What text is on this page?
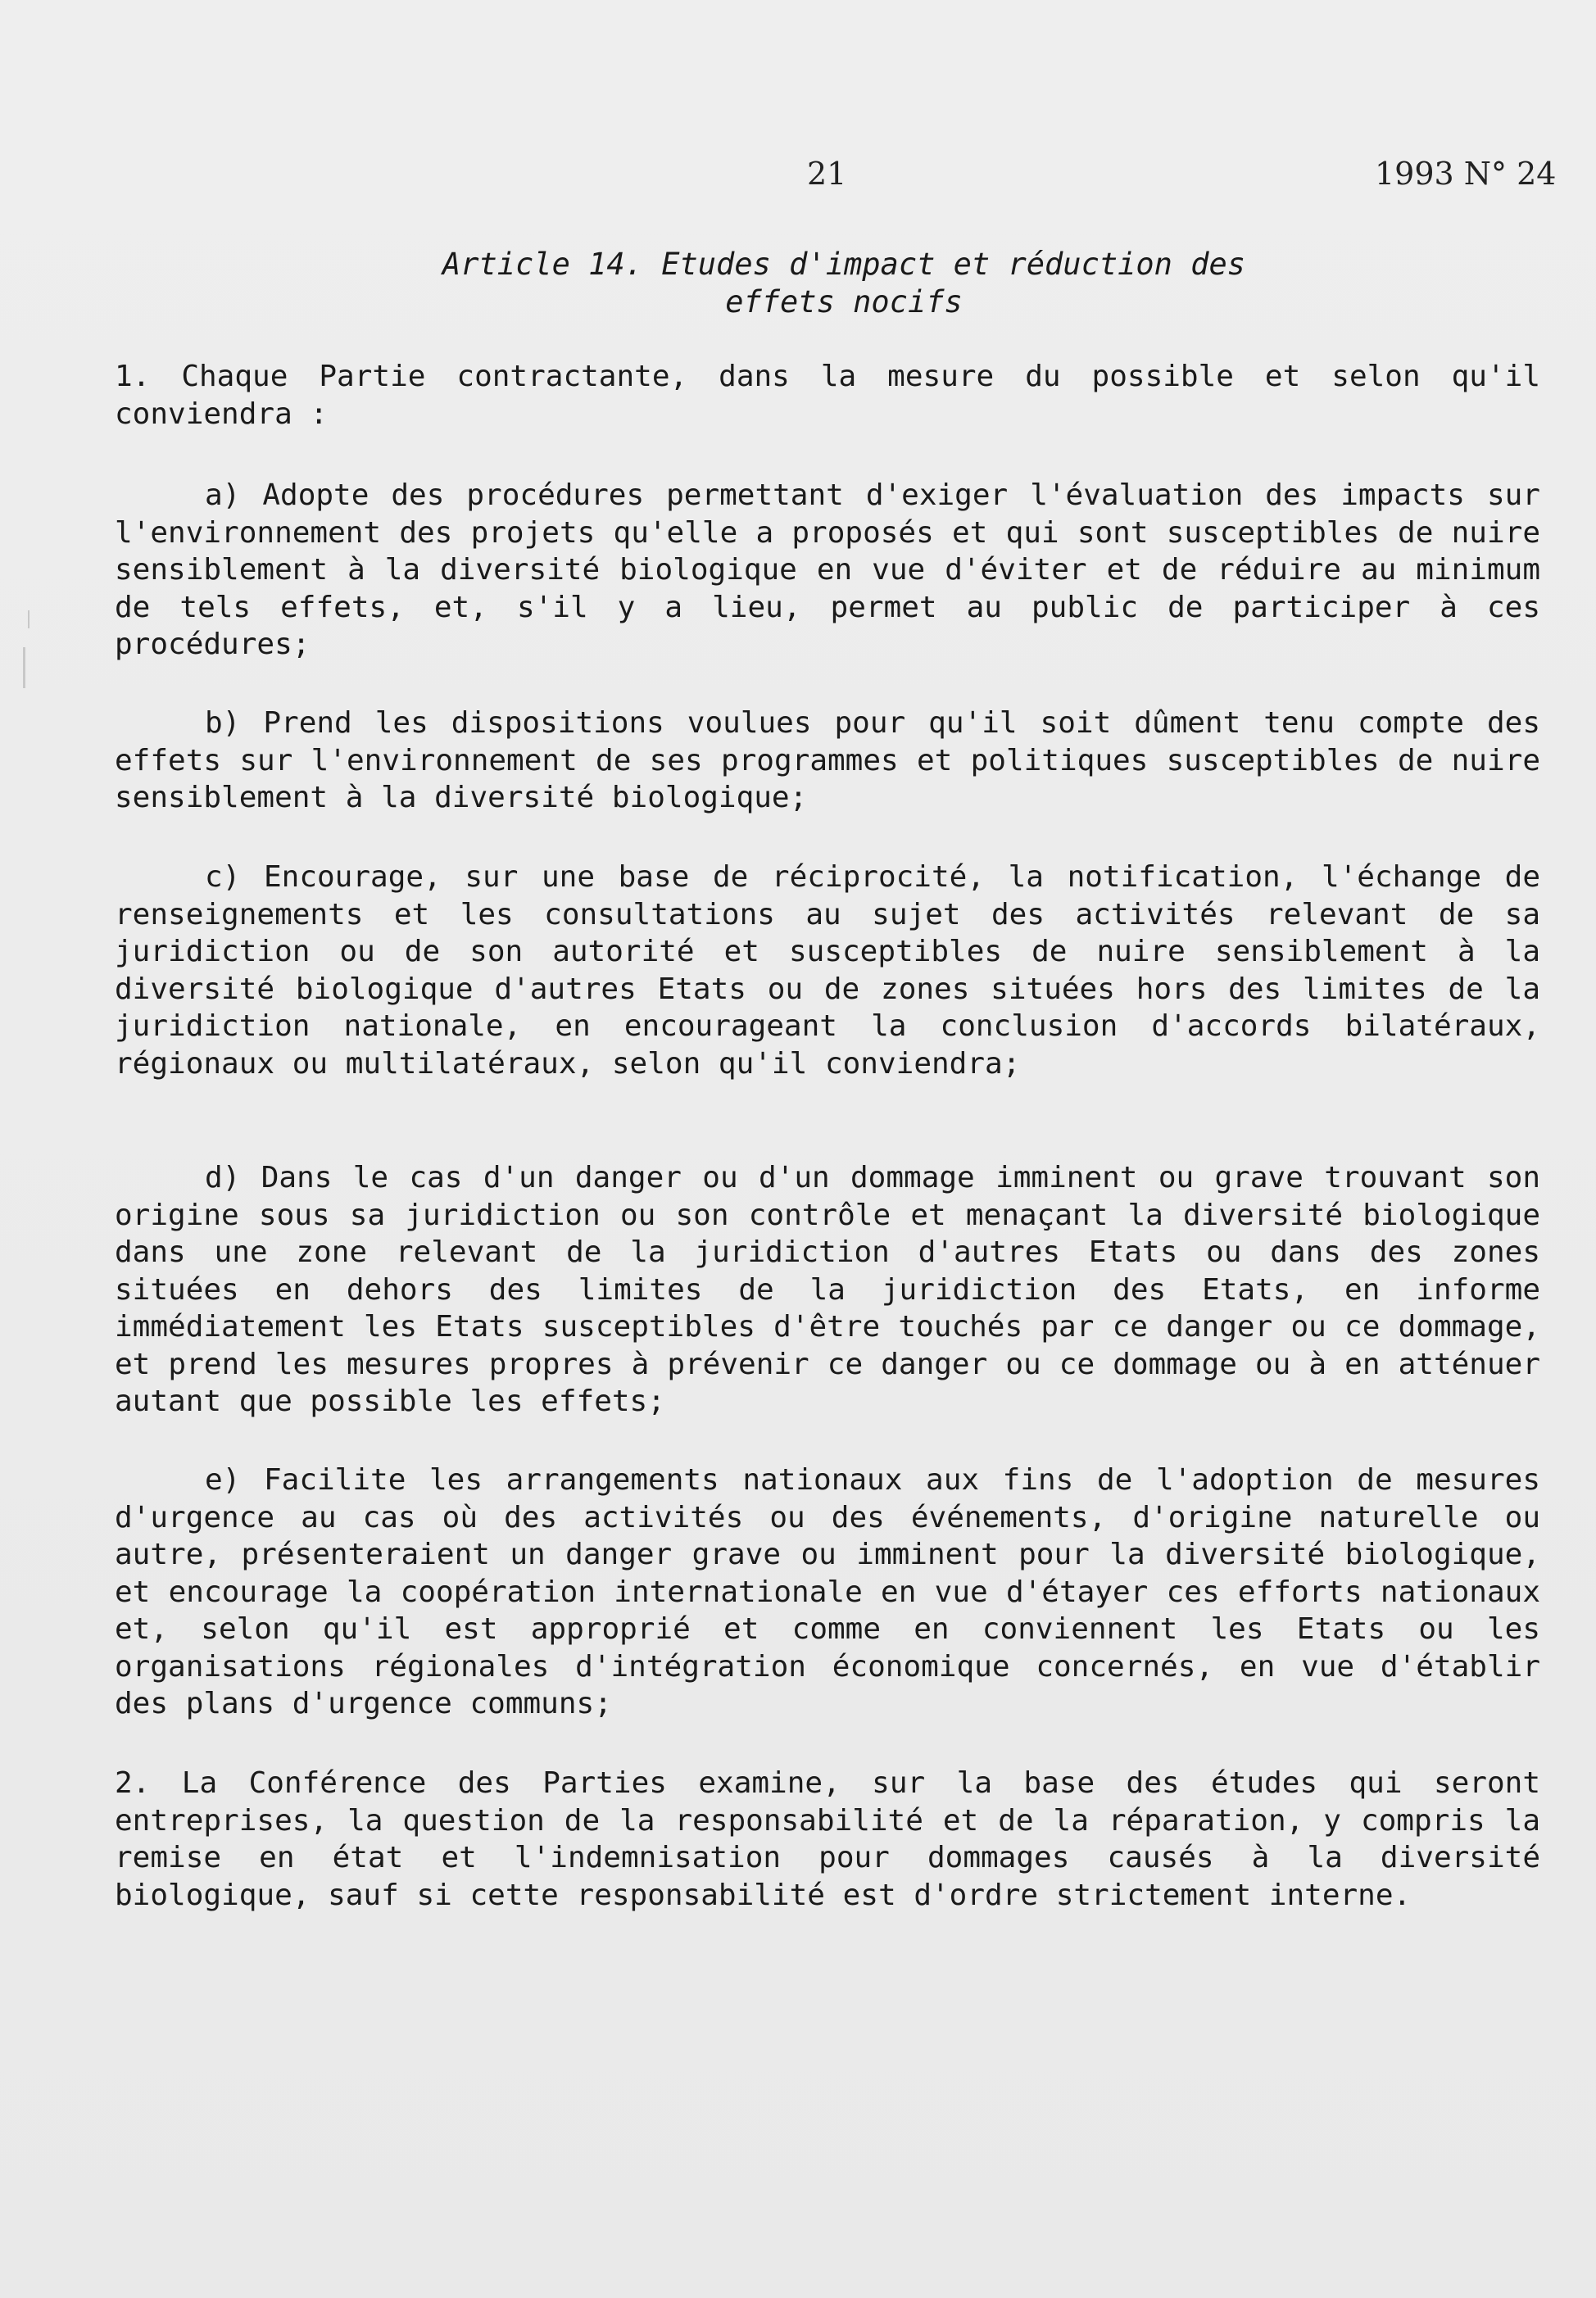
21	1993 N° 24
Article 14. Etudes d'impact et réduction des
effets nocifs
1. Chaque Partie contractante, dans la mesure du possible et selon qu'il conviendra :
a) Adopte des procédures permettant d'exiger l'évaluation des impacts sur l'environnement des projets qu'elle a proposés et qui sont susceptibles de nuire sensiblement à la diversité biologique en vue d'éviter et de réduire au minimum de tels effets, et, s'il y a lieu, permet au public de participer à ces procédures;
b) Prend les dispositions voulues pour qu'il soit dûment tenu compte des effets sur l'environnement de ses programmes et politiques susceptibles de nuire sensiblement à la diversité biologique;
c) Encourage, sur une base de réciprocité, la notification, l'échange de renseignements et les consultations au sujet des activités relevant de sa juridiction ou de son autorité et susceptibles de nuire sensiblement à la diversité biologique d'autres Etats ou de zones situées hors des limites de la juridiction nationale, en encourageant la conclusion d'accords bilatéraux, régionaux ou multilatéraux, selon qu'il conviendra;
d) Dans le cas d'un danger ou d'un dommage imminent ou grave trouvant son origine sous sa juridiction ou son contrôle et menaçant la diversité biologique dans une zone relevant de la juridiction d'autres Etats ou dans des zones situées en dehors des limites de la juridiction des Etats, en informe immédiatement les Etats susceptibles d'être touchés par ce danger ou ce dommage, et prend les mesures propres à prévenir ce danger ou ce dommage ou à en atténuer autant que possible les effets;
e) Facilite les arrangements nationaux aux fins de l'adoption de mesures d'urgence au cas où des activités ou des événements, d'origine naturelle ou autre, présenteraient un danger grave ou imminent pour la diversité biologique, et encourage la coopération internationale en vue d'étayer ces efforts nationaux et, selon qu'il est approprié et comme en conviennent les Etats ou les organisations régionales d'intégration économique concernés, en vue d'établir des plans d'urgence communs;
2. La Conférence des Parties examine, sur la base des études qui seront entreprises, la question de la responsabilité et de la réparation, y compris la remise en état et l'indemnisation pour dommages causés à la diversité biologique, sauf si cette responsabilité est d'ordre strictement interne.
